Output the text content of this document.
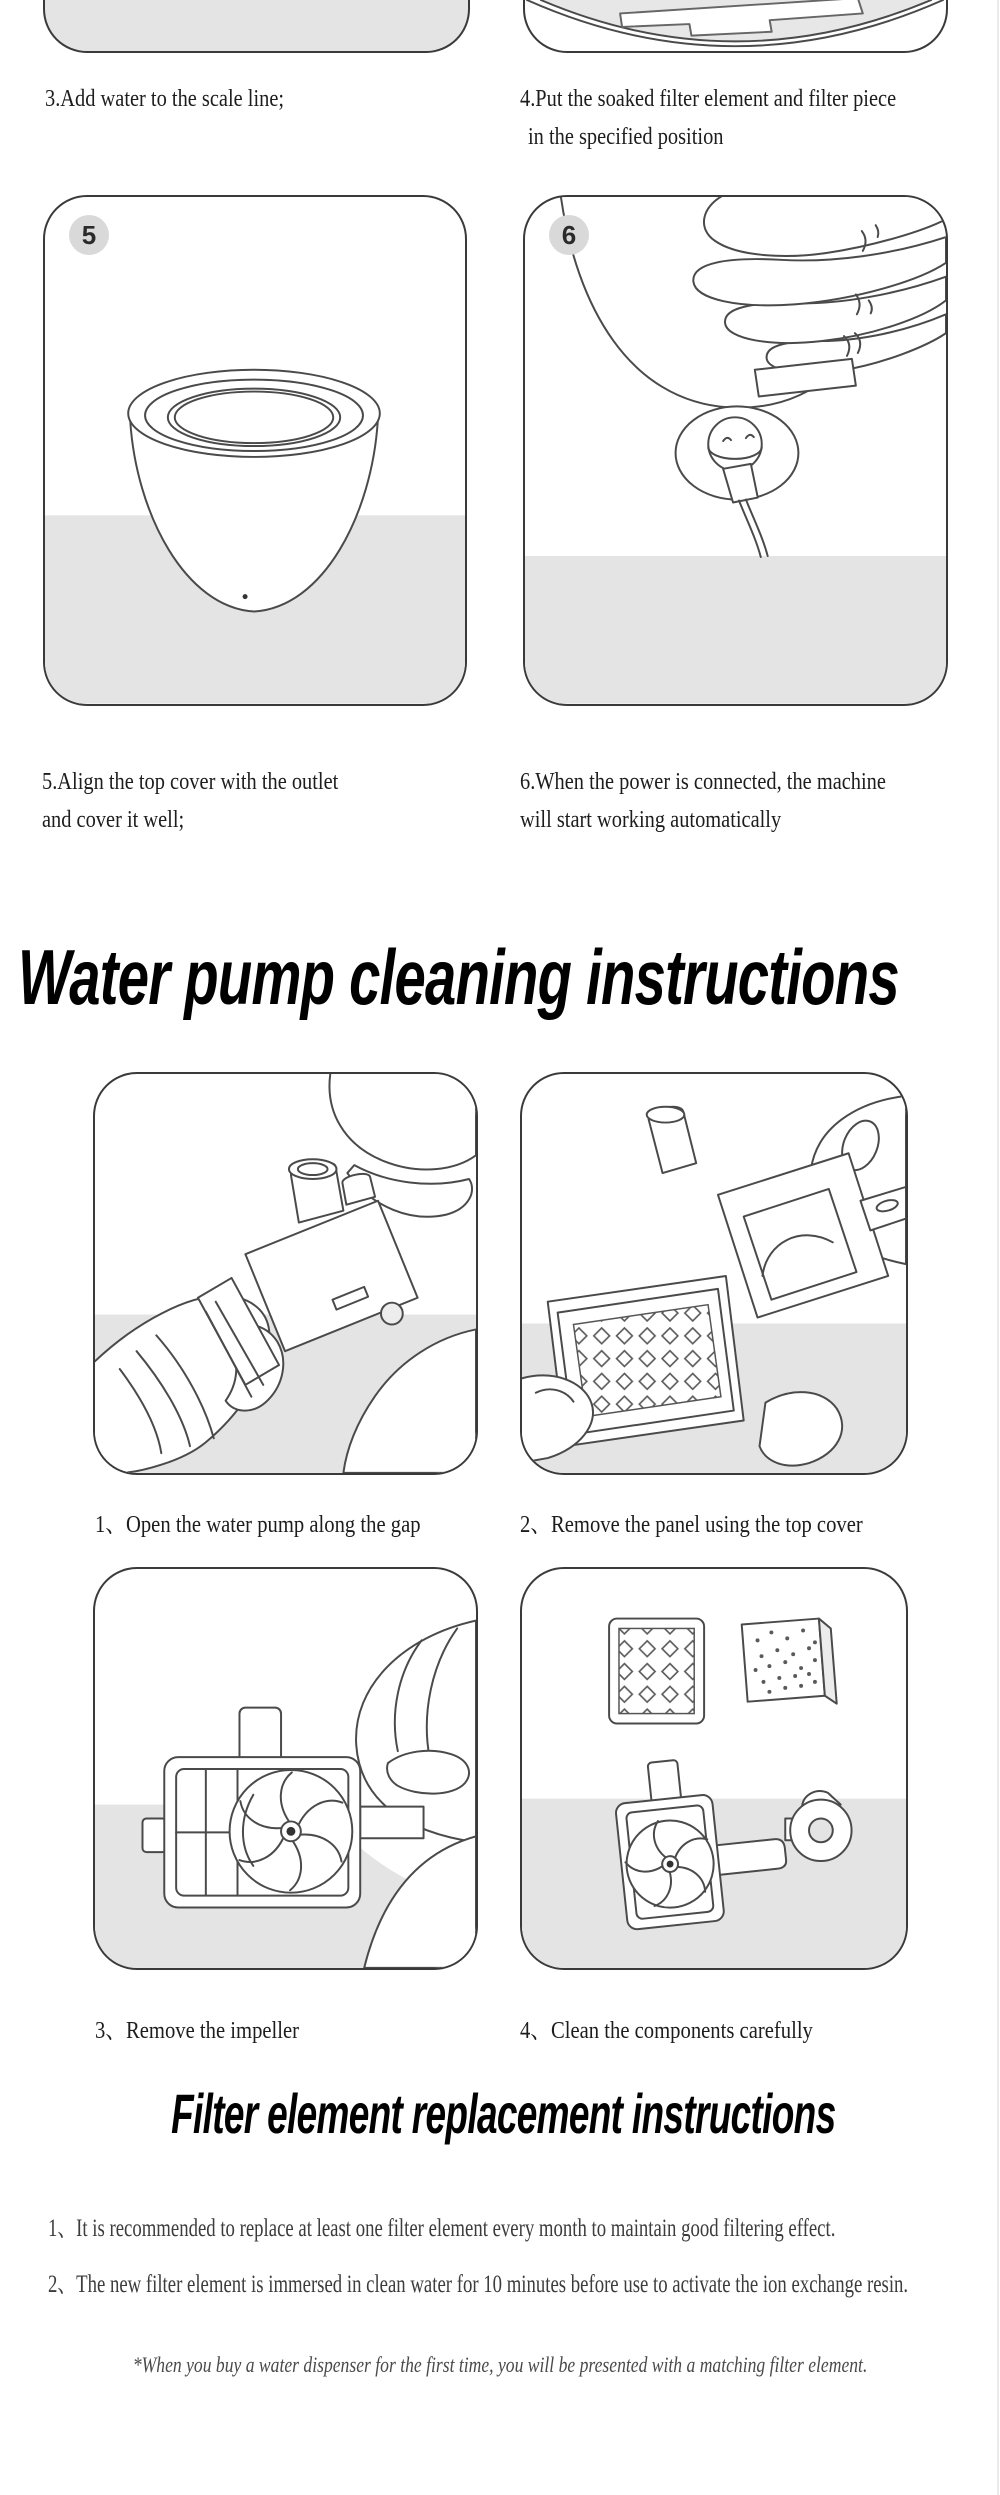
3.Add water to the scale line;	4.Put the soaked filter element and filter piece
in the specified position
5	6
5.Align the top cover with the outlet
and cover it well;
6.When the power is connected, the machine
will start working automatically
Water pump cleaning instructions
1、Open the water pump along the gap	2、Remove the panel using the top cover
3、Remove the impeller	4、Clean the components carefully
Filter element replacement instructions
1、It is recommended to replace at least one filter element every month to maintain good filtering effect.
2、The new filter element is immersed in clean water for 10 minutes before use to activate the ion exchange resin.
*When you buy a water dispenser for the first time, you will be presented with a matching filter element.
